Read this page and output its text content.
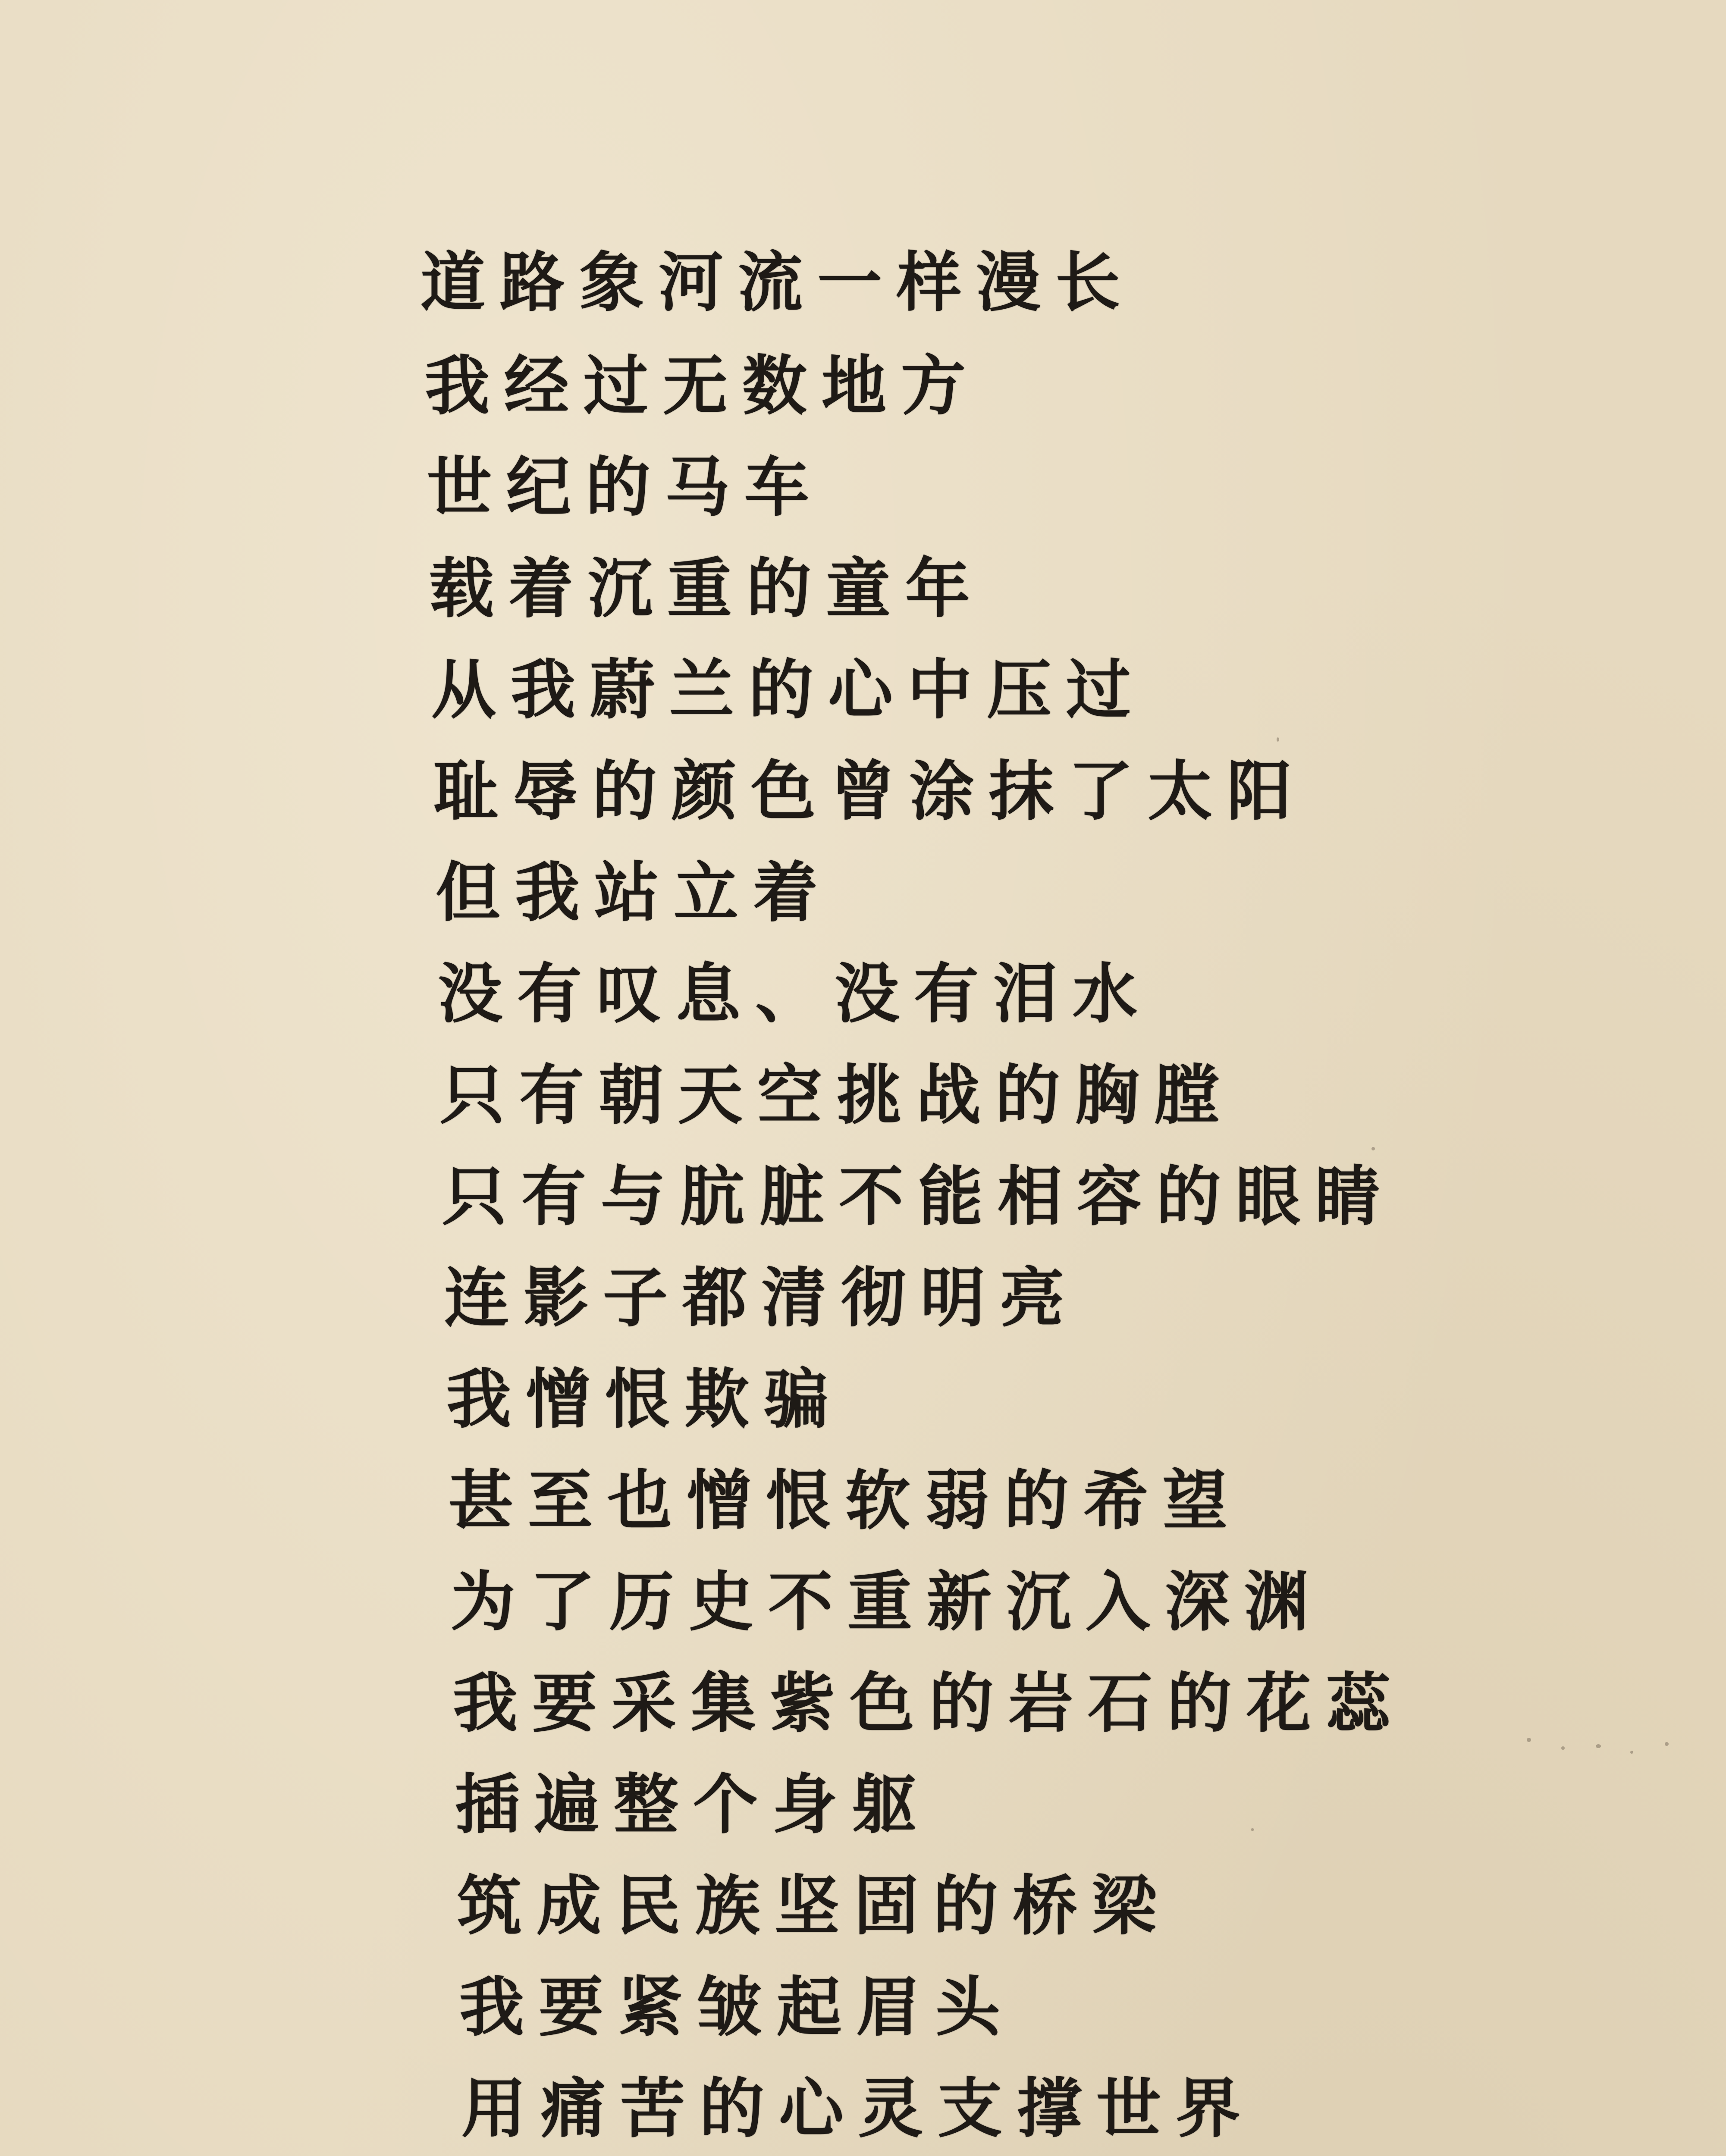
道路象河流一样漫长

我经过无数地方

世纪的马车

载着沉重的童年

从我蔚兰的心中压过

耻辱的颜色曾涂抹了太阳

但我站立着

没有叹息、没有泪水

只有朝天空挑战的胸膛

只有与肮脏不能相容的眼睛

连影子都清彻明亮

我憎恨欺骗

甚至也憎恨软弱的希望

为了历史不重新沉入深渊

我要采集紫色的岩石的花蕊

插遍整个身躯

筑成民族坚固的桥梁

我要紧皱起眉头

用痛苦的心灵支撑世界
